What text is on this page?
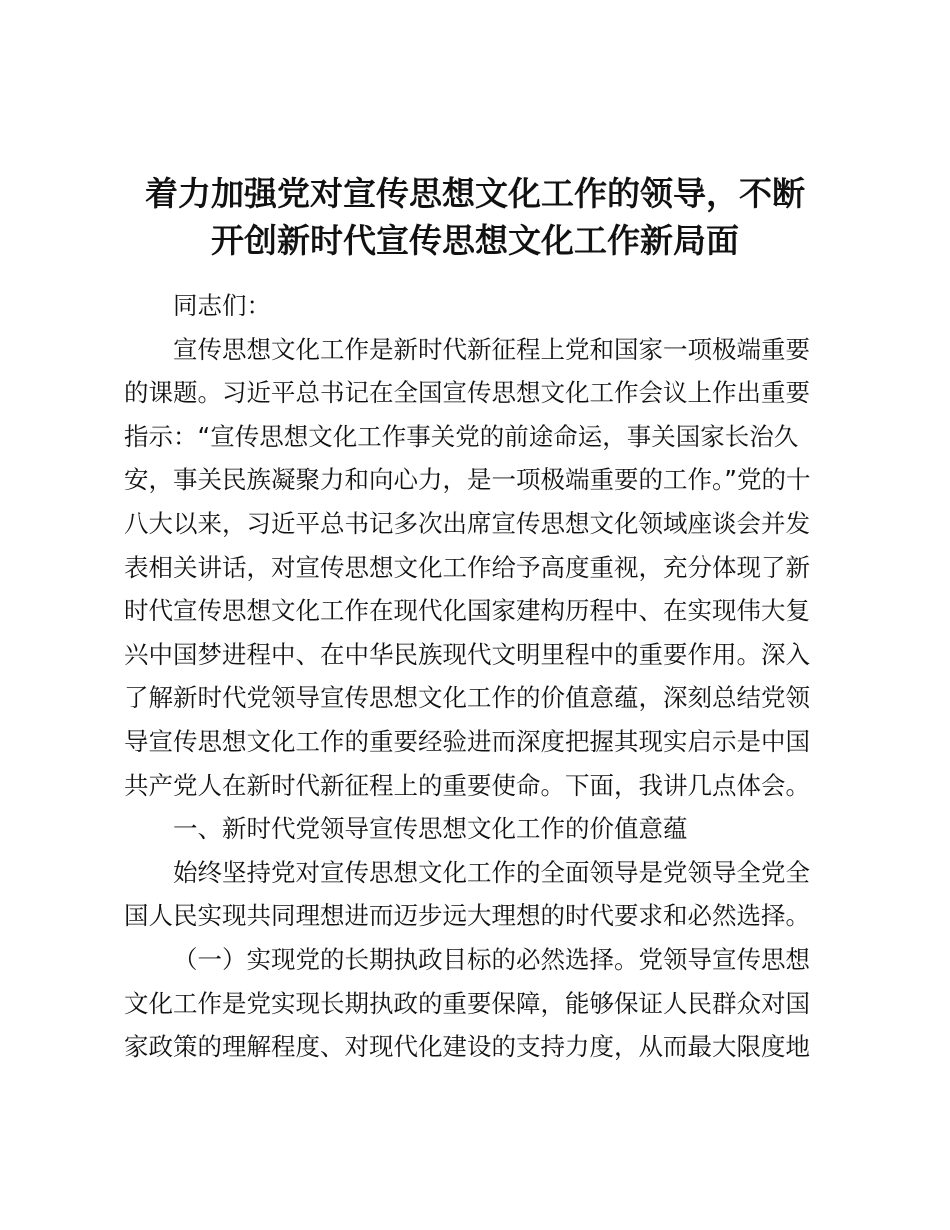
着力加强党对宣传思想文化工作的领导，不断
开创新时代宣传思想文化工作新局面
同志们：
宣传思想文化工作是新时代新征程上党和国家一项极端重要
的课题。习近平总书记在全国宣传思想文化工作会议上作出重要
指示：“宣传思想文化工作事关党的前途命运，事关国家长治久
安，事关民族凝聚力和向心力，是一项极端重要的工作。”党的十
八大以来，习近平总书记多次出席宣传思想文化领域座谈会并发
表相关讲话，对宣传思想文化工作给予高度重视，充分体现了新
时代宣传思想文化工作在现代化国家建构历程中、在实现伟大复
兴中国梦进程中、在中华民族现代文明里程中的重要作用。深入
了解新时代党领导宣传思想文化工作的价值意蕴，深刻总结党领
导宣传思想文化工作的重要经验进而深度把握其现实启示是中国
共产党人在新时代新征程上的重要使命。下面，我讲几点体会。
一、新时代党领导宣传思想文化工作的价值意蕴
始终坚持党对宣传思想文化工作的全面领导是党领导全党全
国人民实现共同理想进而迈步远大理想的时代要求和必然选择。
（一）实现党的长期执政目标的必然选择。党领导宣传思想
文化工作是党实现长期执政的重要保障，能够保证人民群众对国
家政策的理解程度、对现代化建设的支持力度，从而最大限度地
